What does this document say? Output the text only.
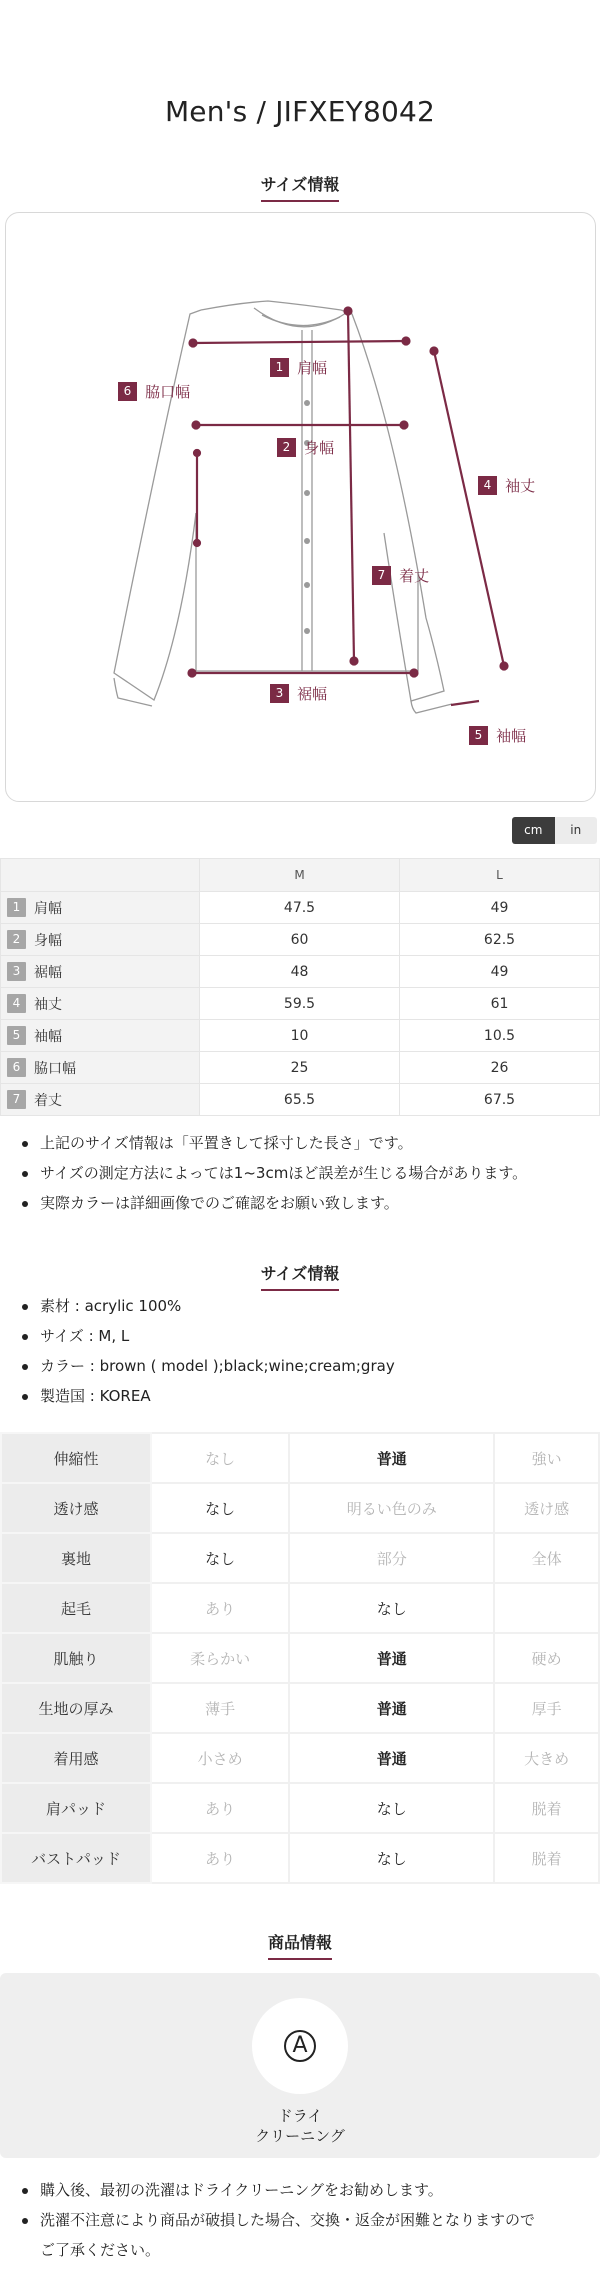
Men's / JIFXEY8042
サイズ情報
1 肩幅
2 身幅
3 裾幅
4 袖丈
5 袖幅
6 脇口幅
7 着丈
cm	in
	M	L
1 肩幅	47.5	49
2 身幅	60	62.5
3 裾幅	48	49
4 袖丈	59.5	61
5 袖幅	10	10.5
6 脇口幅	25	26
7 着丈	65.5	67.5
上記のサイズ情報は「平置きして採寸した長さ」です。
サイズの測定方法によっては1~3cmほど誤差が生じる場合があります。
実際カラーは詳細画像でのご確認をお願い致します。
サイズ情報
素材 : acrylic 100%
サイズ : M, L
カラー : brown ( model );black;wine;cream;gray
製造国 : KOREA
伸縮性	なし	普通	強い
透け感	なし	明るい色のみ	透け感
裏地	なし	部分	全体
起毛	あり	なし	
肌触り	柔らかい	普通	硬め
生地の厚み	薄手	普通	厚手
着用感	小さめ	普通	大きめ
肩パッド	あり	なし	脱着
バストパッド	あり	なし	脱着
商品情報
A
ドライ
クリーニング
購入後、最初の洗濯はドライクリーニングをお勧めします。
洗濯不注意により商品が破損した場合、交換・返金が困難となりますので
ご了承ください。
